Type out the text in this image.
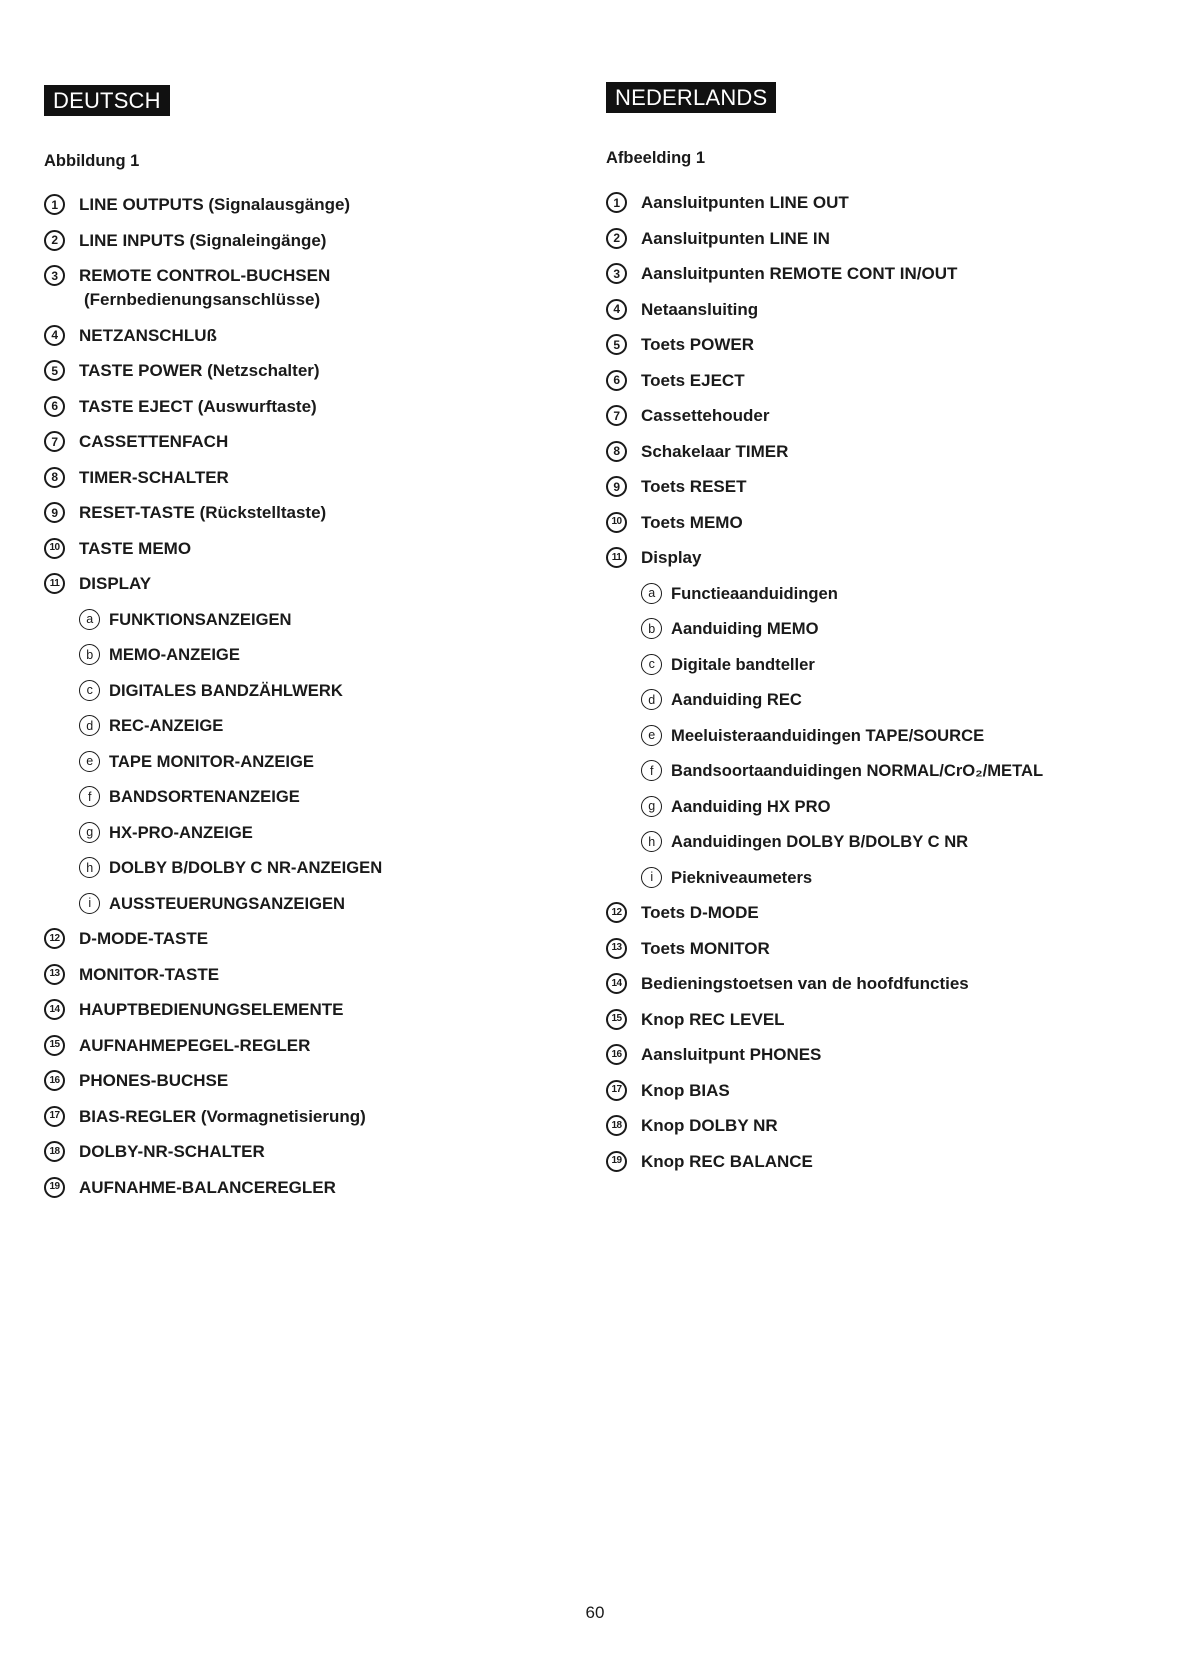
DEUTSCH
Abbildung 1
1	LINE OUTPUTS (Signalausgänge)
2	LINE INPUTS (Signaleingänge)
3	REMOTE CONTROL-BUCHSEN
(Fernbedienungsanschlüsse)
4	NETZANSCHLUß
5	TASTE POWER (Netzschalter)
6	TASTE EJECT (Auswurftaste)
7	CASSETTENFACH
8	TIMER-SCHALTER
9	RESET-TASTE (Rückstelltaste)
10	TASTE MEMO
11	DISPLAY
a FUNKTIONSANZEIGEN
b MEMO-ANZEIGE
c	DIGITALES BANDZÄHLWERK
d REC-ANZEIGE
e TAPE MONITOR-ANZEIGE
f	BANDSORTENANZEIGE
g HX-PRO-ANZEIGE
h DOLBY B/DOLBY C NR-ANZEIGEN
i	AUSSTEUERUNGSANZEIGEN
12	D-MODE-TASTE
13	MONITOR-TASTE
14	HAUPTBEDIENUNGSELEMENTE
15	AUFNAHMEPEGEL-REGLER
16	PHONES-BUCHSE
17	BIAS-REGLER (Vormagnetisierung)
18	DOLBY-NR-SCHALTER
19	AUFNAHME-BALANCEREGLER
NEDERLANDS
Afbeelding 1
1	Aansluitpunten LINE OUT
2	Aansluitpunten LINE IN
3	Aansluitpunten REMOTE CONT IN/OUT
4	Netaansluiting
5	Toets POWER
6	Toets EJECT
7	Cassettehouder
8	Schakelaar TIMER
9	Toets RESET
10	Toets MEMO
11	Display
a Functieaanduidingen
b Aanduiding MEMO
c	Digitale bandteller
d Aanduiding REC
e Meeluisteraanduidingen TAPE/SOURCE
f	Bandsoortaanduidingen NORMAL/CrO₂/METAL
g Aanduiding HX PRO
h Aanduidingen DOLBY B/DOLBY C NR
i	Piekniveaumeters
12	Toets D-MODE
13	Toets MONITOR
14	Bedieningstoetsen van de hoofdfuncties
15	Knop REC LEVEL
16	Aansluitpunt PHONES
17	Knop BIAS
18	Knop DOLBY NR
19	Knop REC BALANCE
60
